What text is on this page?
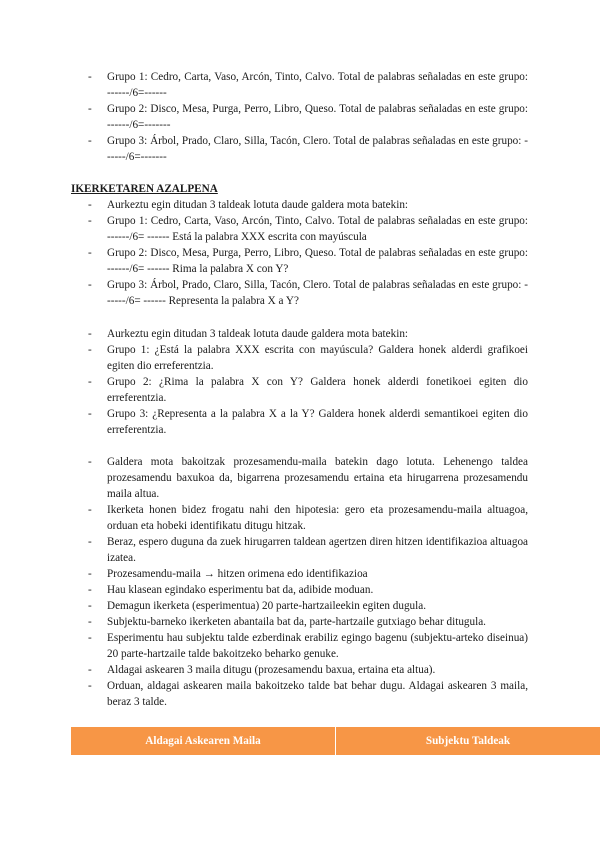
- Grupo 1: Cedro, Carta, Vaso, Arcón, Tinto, Calvo. Total de palabras señaladas en este grupo: ------/6=------
- Grupo 2: Disco, Mesa, Purga, Perro, Libro, Queso. Total de palabras señaladas en este grupo: ------/6=-------
- Grupo 3: Árbol, Prado, Claro, Silla, Tacón, Clero. Total de palabras señaladas en este grupo: ------/6=-------
IKERKETAREN AZALPENA
- Aurkeztu egin ditudan 3 taldeak lotuta daude galdera mota batekin:
- Grupo 1: Cedro, Carta, Vaso, Arcón, Tinto, Calvo. Total de palabras señaladas en este grupo: ------/6= ------ Está la palabra XXX escrita con mayúscula
- Grupo 2: Disco, Mesa, Purga, Perro, Libro, Queso. Total de palabras señaladas en este grupo: ------/6= ------ Rima la palabra X con Y?
- Grupo 3: Árbol, Prado, Claro, Silla, Tacón, Clero. Total de palabras señaladas en este grupo: ------/6= ------ Representa la palabra X a Y?
- Aurkeztu egin ditudan 3 taldeak lotuta daude galdera mota batekin:
- Grupo 1: ¿Está la palabra XXX escrita con mayúscula? Galdera honek alderdi grafikoei egiten dio erreferentzia.
- Grupo 2: ¿Rima la palabra X con Y? Galdera honek alderdi fonetikoei egiten dio erreferentzia.
- Grupo 3: ¿Representa a la palabra X a la Y? Galdera honek alderdi semantikoei egiten dio erreferentzia.
- Galdera mota bakoitzak prozesamendu-maila batekin dago lotuta. Lehenengo taldea prozesamendu baxukoa da, bigarrena prozesamendu ertaina eta hirugarrena prozesamendu maila altua.
- Ikerketa honen bidez frogatu nahi den hipotesia: gero eta prozesamendu-maila altuagoa, orduan eta hobeki identifikatu ditugu hitzak.
- Beraz, espero duguna da zuek hirugarren taldean agertzen diren hitzen identifikazioa altuagoa izatea.
- Prozesamendu-maila → hitzen orimena edo identifikazioa
- Hau klasean egindako esperimentu bat da, adibide moduan.
- Demagun ikerketa (esperimentua) 20 parte-hartzaileekin egiten dugula.
- Subjektu-barneko ikerketen abantaila bat da, parte-hartzaile gutxiago behar ditugula.
- Esperimentu hau subjektu talde ezberdinak erabiliz egingo bagenu (subjektu-arteko diseinua) 20 parte-hartzaile talde bakoitzeko beharko genuke.
- Aldagai askearen 3 maila ditugu (prozesamendu baxua, ertaina eta altua).
- Orduan, aldagai askearen maila bakoitzeko talde bat behar dugu. Aldagai askearen 3 maila, beraz 3 talde.
Aldagai Askearen Maila	Subjektu Taldeak
